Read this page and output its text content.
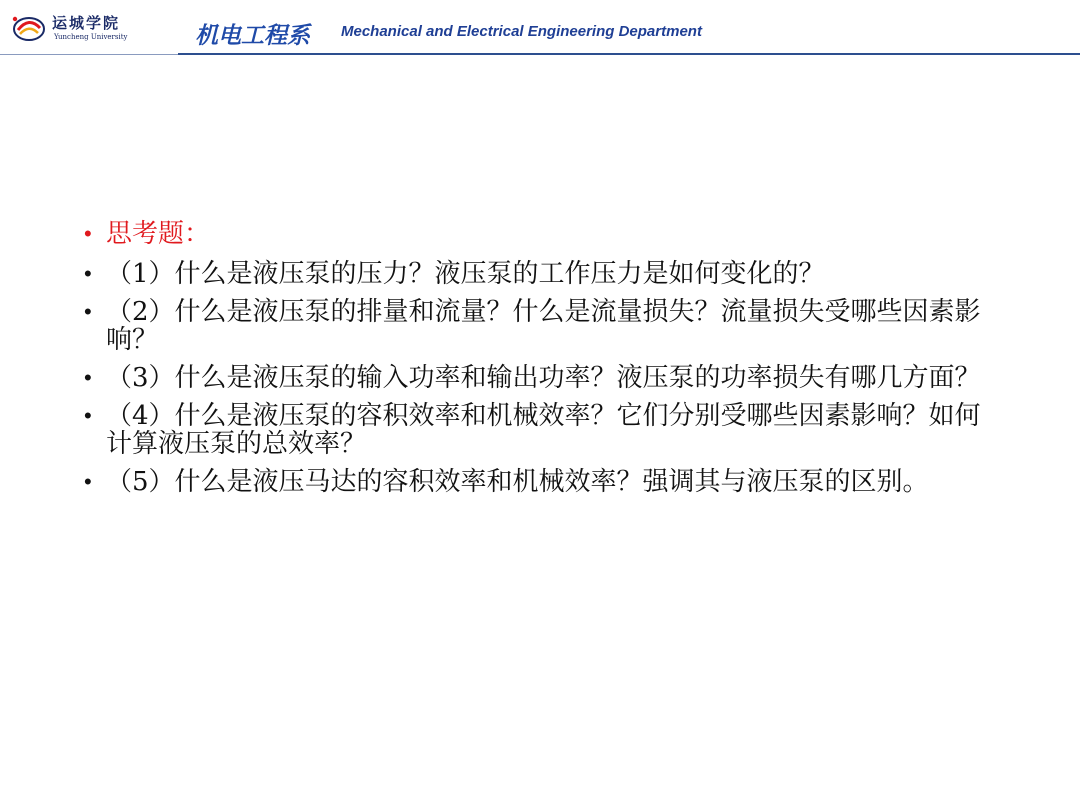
运城学院
Yuncheng University	机电工程系 Mechanical and Electrical Engineering Department
• 思考题：
• （1）什么是液压泵的压力？液压泵的工作压力是如何变化的？
• （2）什么是液压泵的排量和流量？什么是流量损失？流量损失受哪些因素影响？
• （3）什么是液压泵的输入功率和输出功率？液压泵的功率损失有哪几方面？
• （4）什么是液压泵的容积效率和机械效率？它们分别受哪些因素影响？如何计算液压泵的总效率？
• （5）什么是液压马达的容积效率和机械效率？强调其与液压泵的区别。
